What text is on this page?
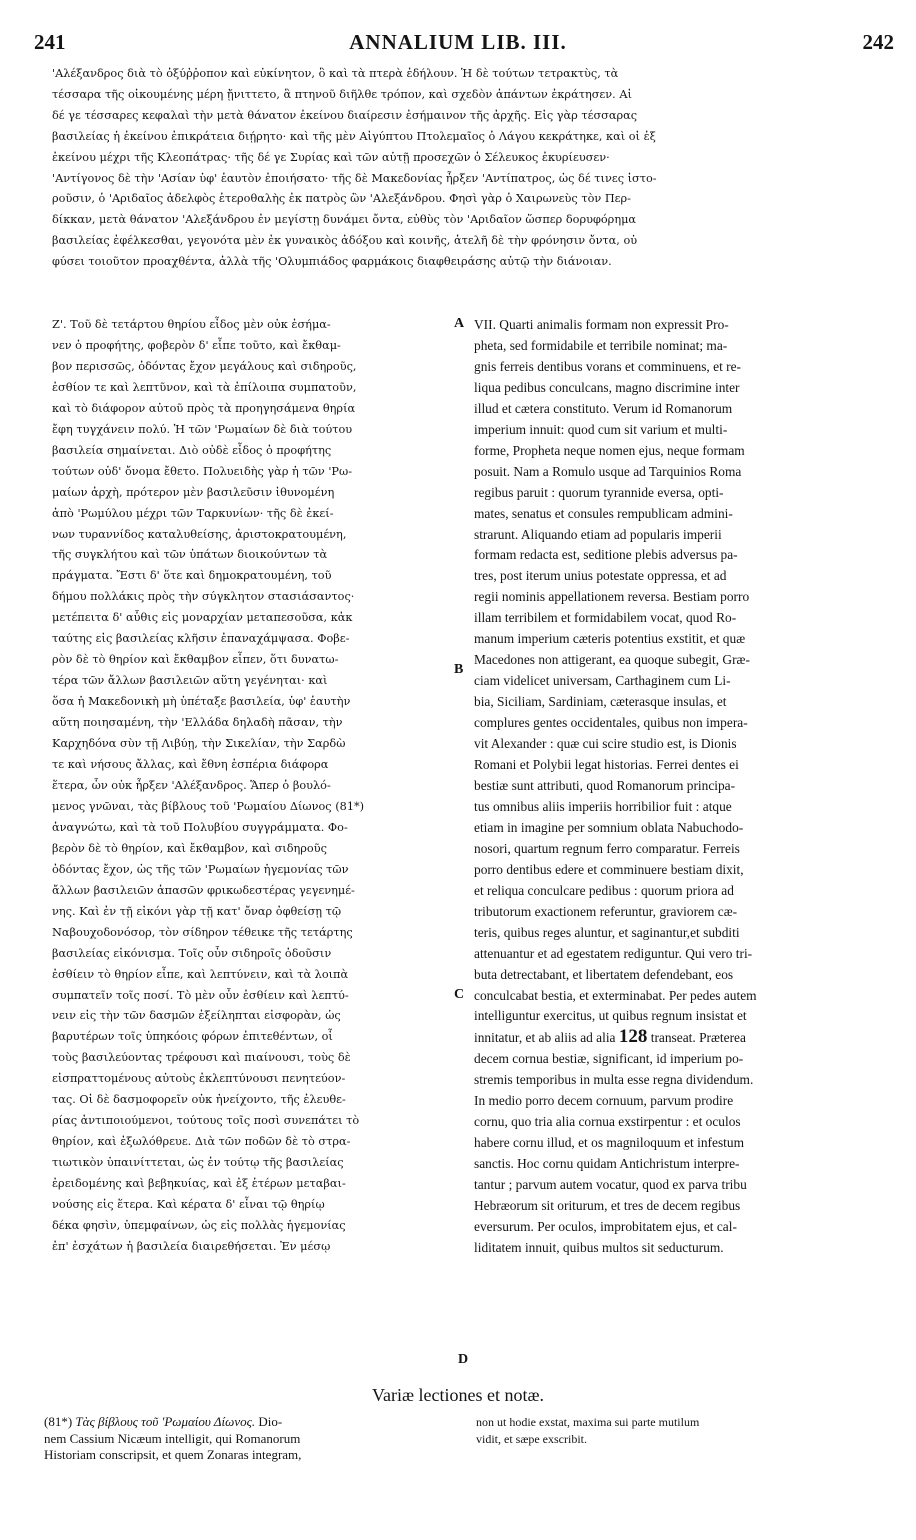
241	ANNALIUM LIB. III.	242
'Αλέξανδρος διὰ τὸ ὀξύῤῥοπον καὶ εὐκίνητον, ὃ καὶ τὰ πτερὰ ἐδήλουν. Ἡ δὲ τούτων τετρακτὺς, τὰ
τέσσαρα τῆς οἰκουμένης μέρη ᾔνιττετο, ἃ πτηνοῦ διῆλθε τρόπον, καὶ σχεδὸν ἁπάντων ἐκράτησεν. Αἱ
δέ γε τέσσαρες κεφαλαὶ τὴν μετὰ θάνατον ἐκείνου διαίρεσιν ἐσήμαινον τῆς ἀρχῆς. Εἰς γὰρ τέσσαρας
βασιλείας ἡ ἐκείνου ἐπικράτεια διῄρητο· καὶ τῆς μὲν Αἰγύπτου Πτολεμαῖος ὁ Λάγου κεκράτηκε, καὶ οἱ ἐξ
ἐκείνου μέχρι τῆς Κλεοπάτρας· τῆς δέ γε Συρίας καὶ τῶν αὐτῇ προσεχῶν ὁ Σέλευκος ἐκυρίευσεν·
'Αντίγονος δὲ τὴν 'Ασίαν ὑφ' ἑαυτὸν ἐποιήσατο· τῆς δὲ Μακεδονίας ἦρξεν 'Αντίπατρος, ὡς δέ τινες ἱστο-
ροῦσιν, ὁ 'Αριδαῖος ἀδελφὸς ἑτεροθαλὴς ἐκ πατρὸς ὢν 'Αλεξάνδρου. Φησὶ γὰρ ὁ Χαιρωνεὺς τὸν Περ-
δίκκαν, μετὰ θάνατον 'Αλεξάνδρου ἐν μεγίστῃ δυνάμει ὄντα, εὐθὺς τὸν 'Αριδαῖον ὥσπερ δορυφόρημα
βασιλείας ἐφέλκεσθαι, γεγονότα μὲν ἐκ γυναικὸς ἀδόξου καὶ κοινῆς, ἀτελῆ δὲ τὴν φρόνησιν ὄντα, οὐ
φύσει τοιοῦτον προαχθέντα, ἀλλὰ τῆς 'Ολυμπιάδος φαρμάκοις διαφθειράσης αὐτῷ τὴν διάνοιαν.
Ζ'. Τοῦ δὲ τετάρτου θηρίου εἶδος μὲν οὐκ ἐσήμα-
νεν ὁ προφήτης, φοβερὸν δ' εἶπε τοῦτο, καὶ ἔκθαμ-
βον περισσῶς, ὀδόντας ἔχον μεγάλους καὶ σιδηροῦς,
ἐσθίον τε καὶ λεπτῦνον, καὶ τὰ ἐπίλοιπα συμπατοῦν,
καὶ τὸ διάφορον αὐτοῦ πρὸς τὰ προηγησάμενα θηρία
ἔφη τυγχάνειν πολύ. Ἡ τῶν 'Ρωμαίων δὲ διὰ τούτου
βασιλεία σημαίνεται. Διὸ οὐδὲ εἶδος ὁ προφήτης
τούτων οὐδ' ὄνομα ἔθετο. Πολυειδὴς γὰρ ἡ τῶν 'Ρω-
μαίων ἀρχὴ, πρότερον μὲν βασιλεῦσιν ἰθυνομένη
ἀπὸ 'Ρωμύλου μέχρι τῶν Ταρκυνίων· τῆς δὲ ἐκεί-
νων τυραννίδος καταλυθείσης, ἀριστοκρατουμένη,
τῆς συγκλήτου καὶ τῶν ὑπάτων διοικούντων τὰ
πράγματα. Ἔστι δ' ὅτε καὶ δημοκρατουμένη, τοῦ
δήμου πολλάκις πρὸς τὴν σύγκλητον στασιάσαντος·
μετέπειτα δ' αὖθις εἰς μοναρχίαν μεταπεσοῦσα, κἀκ
ταύτης εἰς βασιλείας κλῆσιν ἐπαναχάμψασα. Φοβε-
ρὸν δὲ τὸ θηρίον καὶ ἔκθαμβον εἶπεν, ὅτι δυνατω-
τέρα τῶν ἄλλων βασιλειῶν αὕτη γεγένηται· καὶ
ὅσα ἡ Μακεδονικὴ μὴ ὑπέταξε βασιλεία, ὑφ' ἑαυτὴν
αὕτη ποιησαμένη, τὴν 'Ελλάδα δηλαδὴ πᾶσαν, τὴν
Καρχηδόνα σὺν τῇ Λιβύῃ, τὴν Σικελίαν, τὴν Σαρδὼ
τε καὶ νήσους ἄλλας, καὶ ἔθνη ἑσπέρια διάφορα
ἕτερα, ὧν οὐκ ἦρξεν 'Αλέξανδρος. Ἅπερ ὁ βουλό-
μενος γνῶναι, τὰς βίβλους τοῦ 'Ρωμαίου Δίωνος (81*)
ἀναγνώτω, καὶ τὰ τοῦ Πολυβίου συγγράμματα. Φο-
βερὸν δὲ τὸ θηρίον, καὶ ἔκθαμβον, καὶ σιδηροῦς
ὀδόντας ἔχον, ὡς τῆς τῶν 'Ρωμαίων ἡγεμονίας τῶν
ἄλλων βασιλειῶν ἁπασῶν φρικωδεστέρας γεγενημέ-
νης. Καὶ ἐν τῇ εἰκόνι γὰρ τῇ κατ' ὄναρ ὀφθείσῃ τῷ
Ναβουχοδονόσορ, τὸν σίδηρον τέθεικε τῆς τετάρτης
βασιλείας εἰκόνισμα. Τοῖς οὖν σιδηροῖς ὀδοῦσιν
ἐσθίειν τὸ θηρίον εἶπε, καὶ λεπτύνειν, καὶ τὰ λοιπὰ
συμπατεῖν τοῖς ποσί. Τὸ μὲν οὖν ἐσθίειν καὶ λεπτύ-
νειν εἰς τὴν τῶν δασμῶν ἐξείληπται εἰσφορὰν, ὡς
βαρυτέρων τοῖς ὑπηκόοις φόρων ἐπιτεθέντων, οἷ
τοὺς βασιλεύοντας τρέφουσι καὶ πιαίνουσι, τοὺς δὲ
εἰσπραττομένους αὐτοὺς ἐκλεπτύνουσι πενητεύον-
τας. Οἱ δὲ δασμοφορεῖν οὐκ ἠνείχοντο, τῆς ἐλευθε-
ρίας ἀντιποιούμενοι, τούτους τοῖς ποσὶ συνεπάτει τὸ
θηρίον, καὶ ἐξωλόθρευε. Διὰ τῶν ποδῶν δὲ τὸ στρα-
τιωτικὸν ὑπαινίττεται, ὡς ἐν τούτῳ τῆς βασιλείας
ἐρειδομένης καὶ βεβηκυίας, καὶ ἐξ ἑτέρων μεταβαι-
νούσης εἰς ἕτερα. Καὶ κέρατα δ' εἶναι τῷ θηρίῳ
δέκα φησὶν, ὑπεμφαίνων, ὡς εἰς πολλὰς ἡγεμονίας
ἐπ' ἐσχάτων ἡ βασιλεία διαιρεθήσεται. Ἐν μέσῳ
A
B
C
D
VII. Quarti animalis formam non expressit Pro-
pheta, sed formidabile et terribile nominat; ma-
gnis ferreis dentibus vorans et comminuens, et re-
liqua pedibus conculcans, magno discrimine inter
illud et cætera constituto. Verum id Romanorum
imperium innuit: quod cum sit varium et multi-
forme, Propheta neque nomen ejus, neque formam
posuit. Nam a Romulo usque ad Tarquinios Roma
regibus paruit : quorum tyrannide eversa, opti-
mates, senatus et consules rempublicam admini-
strarunt. Aliquando etiam ad popularis imperii
formam redacta est, seditione plebis adversus pa-
tres, post iterum unius potestate oppressa, et ad
regii nominis appellationem reversa. Bestiam porro
illam terribilem et formidabilem vocat, quod Ro-
manum imperium cæteris potentius exstitit, et quæ
Macedones non attigerant, ea quoque subegit, Græ-
ciam videlicet universam, Carthaginem cum Li-
bia, Siciliam, Sardiniam, cæterasque insulas, et
complures gentes occidentales, quibus non impera-
vit Alexander : quæ cui scire studio est, is Dionis
Romani et Polybii legat historias. Ferrei dentes ei
bestiæ sunt attributi, quod Romanorum principa-
tus omnibus aliis imperiis horribilior fuit : atque
etiam in imagine per somnium oblata Nabuchodo-
nosori, quartum regnum ferro comparatur. Ferreis
porro dentibus edere et comminuere bestiam dixit,
et reliqua conculcare pedibus : quorum priora ad
tributorum exactionem referuntur, graviorem cæ-
teris, quibus reges aluntur, et saginantur,et subditi
attenuantur et ad egestatem rediguntur. Qui vero tri-
buta detrectabant, et libertatem defendebant, eos
conculcabat bestia, et exterminabat. Per pedes autem
intelliguntur exercitus, ut quibus regnum insistat et
innitatur, et ab aliis ad alia 128 transeat. Præterea
decem cornua bestiæ, significant, id imperium po-
stremis temporibus in multa esse regna dividendum.
In medio porro decem cornuum, parvum prodire
cornu, quo tria alia cornua exstirpentur : et oculos
habere cornu illud, et os magniloquum et infestum
sanctis. Hoc cornu quidam Antichristum interpre-
tantur ; parvum autem vocatur, quod ex parva tribu
Hebræorum sit oriturum, et tres de decem regibus
eversurum. Per oculos, improbitatem ejus, et cal-
liditatem innuit, quibus multos sit seducturum.
Variæ lectiones et notæ.
(81*) Τὰς βίβλους τοῦ 'Ρωμαίου Δίωνος. Dio-
nem Cassium Nicæum intelligit, qui Romanorum
Historiam conscripsit, et quem Zonaras integram,
non ut hodie exstat, maxima sui parte mutilum
vidit, et sæpe exscribit.
